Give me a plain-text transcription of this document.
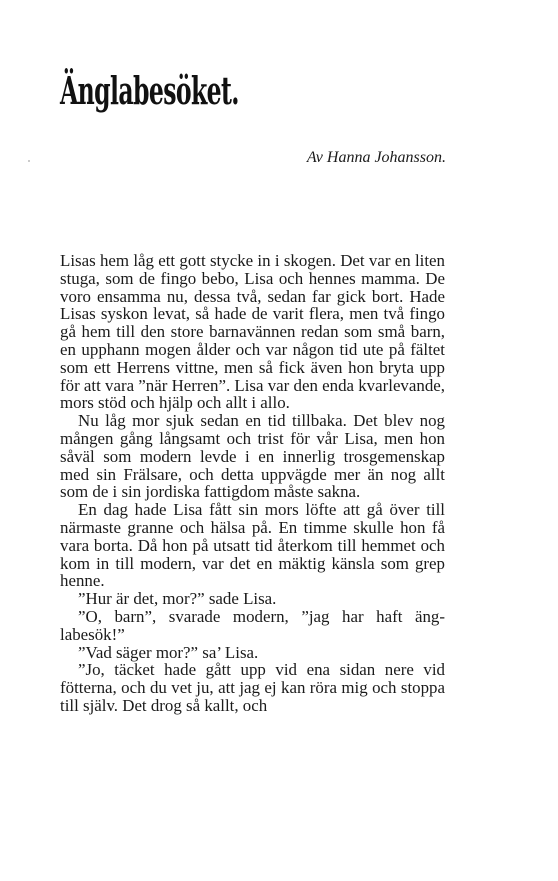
Änglabesöket.
Av Hanna Johansson.

Lisas hem låg ett gott stycke in i skogen. Det var en liten stuga, som de fingo bebo, Lisa och hennes mamma. De voro ensamma nu, dessa två, sedan far gick bort. Hade Lisas syskon levat, så hade de varit flera, men två fingo gå hem till den store barnavännen redan som små barn, en upphann mogen ålder och var någon tid ute på fältet som ett Herrens vittne, men så fick även hon bryta upp för att vara ”när Herren”. Lisa var den enda kvarlevande, mors stöd och hjälp och allt i allo.

Nu låg mor sjuk sedan en tid tillbaka. Det blev nog mången gång långsamt och trist för vår Lisa, men hon såväl som modern levde i en innerlig trosgemenskap med sin Frälsare, och detta uppvägde mer än nog allt som de i sin jordiska fattigdom måste sakna.

En dag hade Lisa fått sin mors löfte att gå över till närmaste granne och hälsa på. En timme skulle hon få vara borta. Då hon på utsatt tid återkom till hemmet och kom in till modern, var det en mäktig känsla som grep henne.

”Hur är det, mor?” sade Lisa.

”O, barn”, svarade modern, ”jag har haft änglabesök!”

”Vad säger mor?” sa’ Lisa.

”Jo, täcket hade gått upp vid ena sidan nere vid fötterna, och du vet ju, att jag ej kan röra mig och stoppa till själv. Det drog så kallt, och
